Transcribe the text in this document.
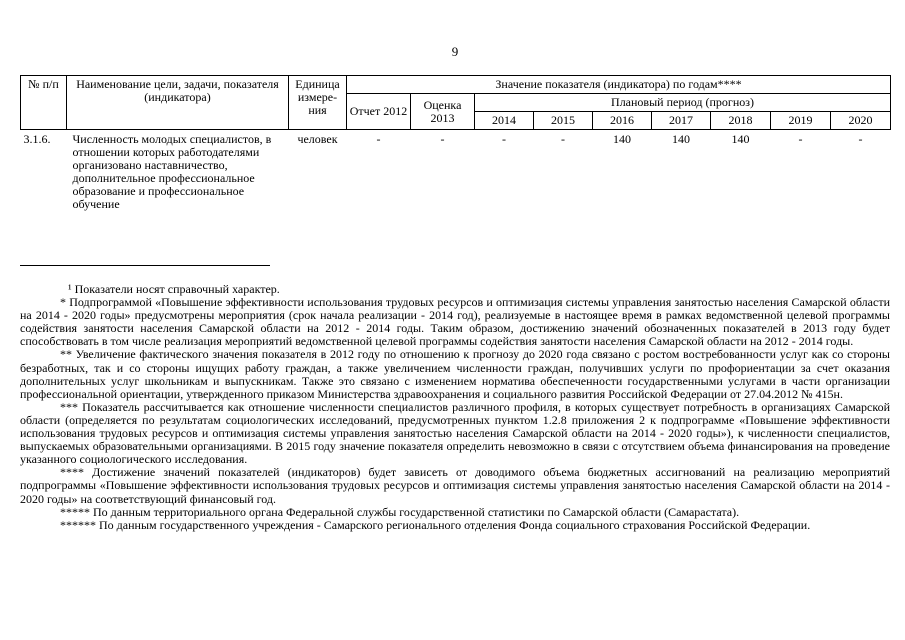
9
№ п/п	Наименование цели, задачи, показателя (индикатора)	Единица измере-ния	Значение показателя (индикатора) по годам****								
			Отчет 2012	Оценка 2013	Плановый период (прогноз)						
					2014	2015	2016	2017	2018	2019	2020
3.1.6.	Численность молодых специалистов, в отношении которых работодателями организовано наставничество, дополнительное профессиональное образование и профессиональное обучение	человек	-	-	-	-	140	140	140	-	-

¹ Показатели носят справочный характер.

* Подпрограммой «Повышение эффективности использования трудовых ресурсов и оптимизация системы управления занятостью населения Самарской области на 2014 - 2020 годы» предусмотрены мероприятия (срок начала реализации - 2014 год), реализуемые в настоящее время в рамках ведомственной целевой программы содействия занятости населения Самарской области на 2012 - 2014 годы. Таким образом, достижению значений обозначенных показателей в 2013 году будет способствовать в том числе реализация мероприятий ведомственной целевой программы содействия занятости населения Самарской области на 2012 - 2014 годы.

** Увеличение фактического значения показателя в 2012 году по отношению к прогнозу до 2020 года связано с ростом востребованности услуг как со стороны безработных, так и со стороны ищущих работу граждан, а также увеличением численности граждан, получивших услуги по профориентации за счет оказания дополнительных услуг школьникам и выпускникам. Также это связано с изменением норматива обеспеченности государственными услугами в части организации профессиональной ориентации, утвержденного приказом Министерства здравоохранения и социального развития Российской Федерации от 27.04.2012 № 415н.

*** Показатель рассчитывается как отношение численности специалистов различного профиля, в которых существует потребность в организациях Самарской области (определяется по результатам социологических исследований, предусмотренных пунктом 1.2.8 приложения 2 к подпрограмме «Повышение эффективности использования трудовых ресурсов и оптимизация системы управления занятостью населения Самарской области на 2014 - 2020 годы»), к численности специалистов, выпускаемых образовательными организациями. В 2015 году значение показателя определить невозможно в связи с отсутствием объема финансирования на проведение указанного социологического исследования.

**** Достижение значений показателей (индикаторов) будет зависеть от доводимого объема бюджетных ассигнований на реализацию мероприятий подпрограммы «Повышение эффективности использования трудовых ресурсов и оптимизация системы управления занятостью населения Самарской области на 2014 - 2020 годы» на соответствующий финансовый год.

***** По данным территориального органа Федеральной службы государственной статистики по Самарской области (Самарастата).

****** По данным государственного учреждения - Самарского регионального отделения Фонда социального страхования Российской Федерации.
